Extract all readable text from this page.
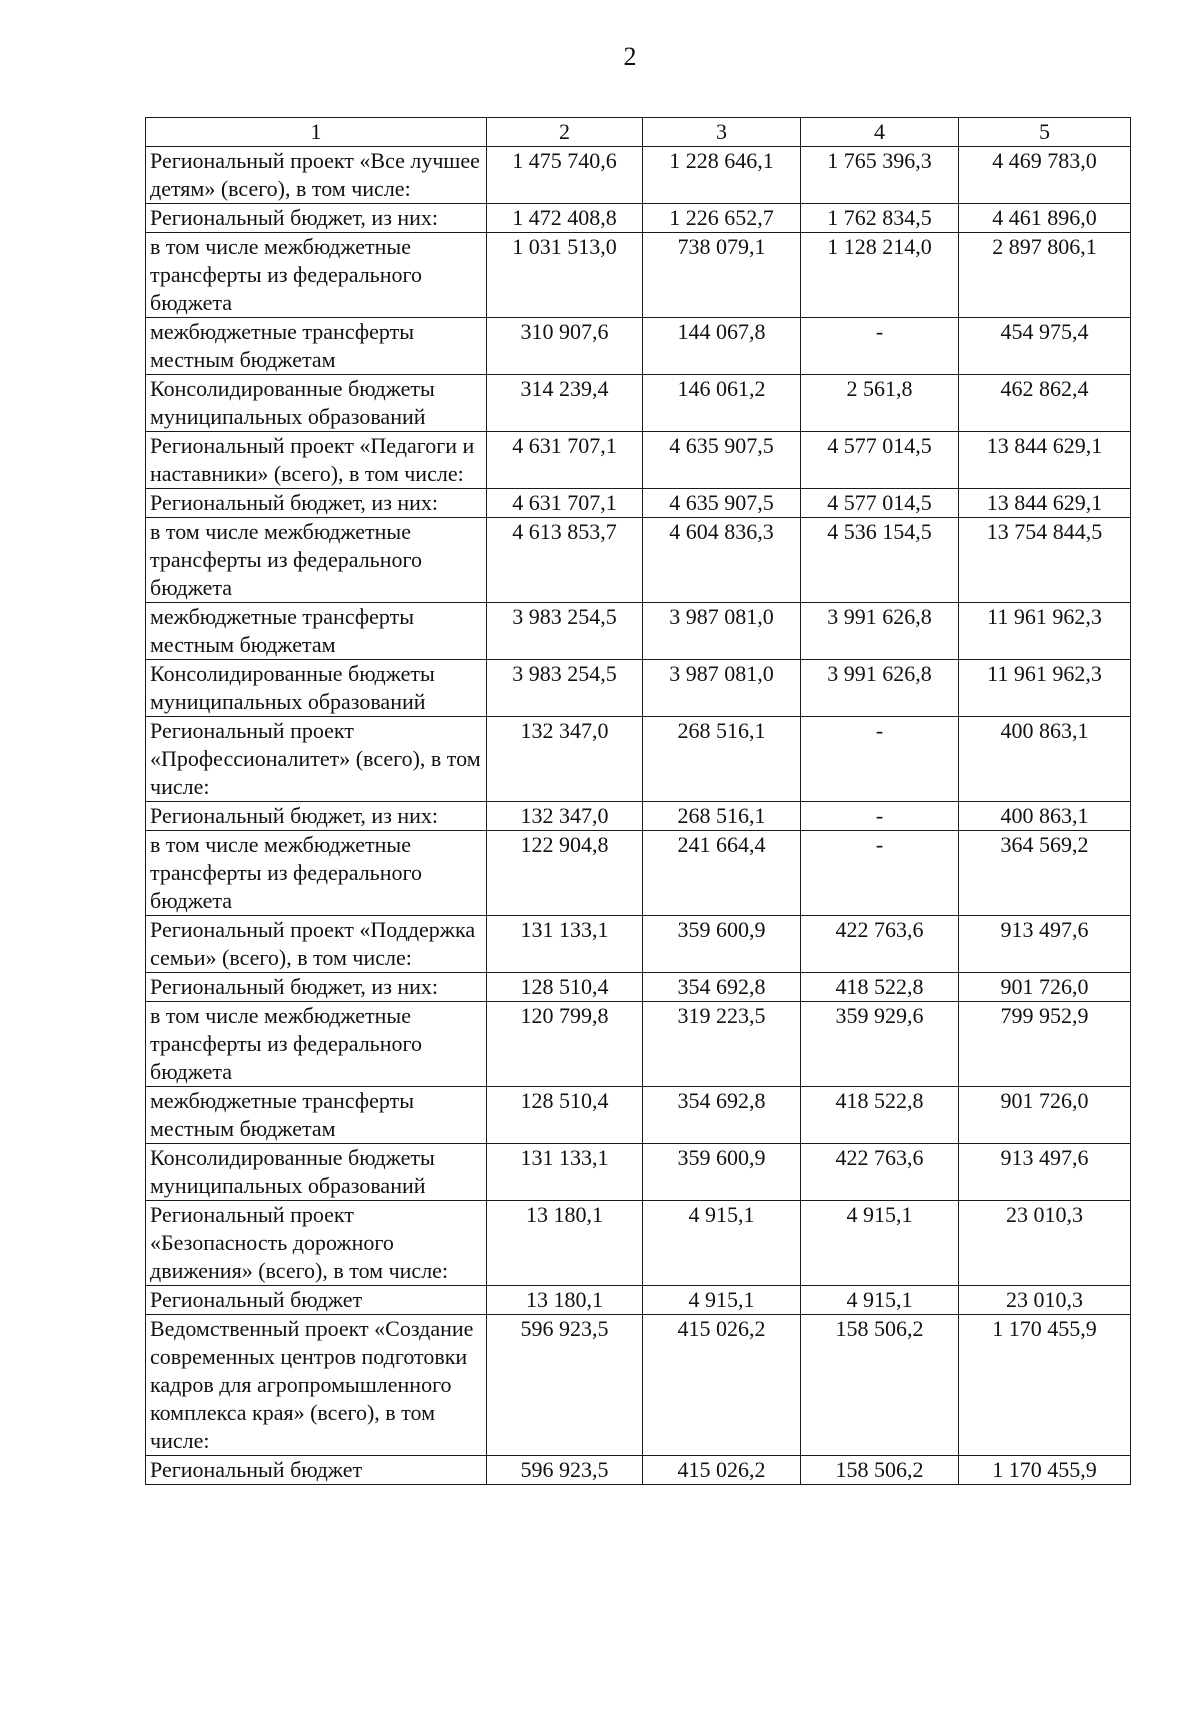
2
1	2	3	4	5
Региональный проект «Все лучшее детям» (всего), в том числе:	1 475 740,6	1 228 646,1	1 765 396,3	4 469 783,0
Региональный бюджет, из них:	1 472 408,8	1 226 652,7	1 762 834,5	4 461 896,0
в том числе межбюджетные трансферты из федерального бюджета	1 031 513,0	738 079,1	1 128 214,0	2 897 806,1
межбюджетные трансферты местным бюджетам	310 907,6	144 067,8	-	454 975,4
Консолидированные бюджеты муниципальных образований	314 239,4	146 061,2	2 561,8	462 862,4
Региональный проект «Педагоги и наставники» (всего), в том числе:	4 631 707,1	4 635 907,5	4 577 014,5	13 844 629,1
Региональный бюджет, из них:	4 631 707,1	4 635 907,5	4 577 014,5	13 844 629,1
в том числе межбюджетные трансферты из федерального бюджета	4 613 853,7	4 604 836,3	4 536 154,5	13 754 844,5
межбюджетные трансферты местным бюджетам	3 983 254,5	3 987 081,0	3 991 626,8	11 961 962,3
Консолидированные бюджеты муниципальных образований	3 983 254,5	3 987 081,0	3 991 626,8	11 961 962,3
Региональный проект «Профессионалитет» (всего), в том числе:	132 347,0	268 516,1	-	400 863,1
Региональный бюджет, из них:	132 347,0	268 516,1	-	400 863,1
в том числе межбюджетные трансферты из федерального бюджета	122 904,8	241 664,4	-	364 569,2
Региональный проект «Поддержка семьи» (всего), в том числе:	131 133,1	359 600,9	422 763,6	913 497,6
Региональный бюджет, из них:	128 510,4	354 692,8	418 522,8	901 726,0
в том числе межбюджетные трансферты из федерального бюджета	120 799,8	319 223,5	359 929,6	799 952,9
межбюджетные трансферты местным бюджетам	128 510,4	354 692,8	418 522,8	901 726,0
Консолидированные бюджеты муниципальных образований	131 133,1	359 600,9	422 763,6	913 497,6
Региональный проект «Безопасность дорожного движения» (всего), в том числе:	13 180,1	4 915,1	4 915,1	23 010,3
Региональный бюджет	13 180,1	4 915,1	4 915,1	23 010,3
Ведомственный проект «Создание современных центров подготовки кадров для агропромышленного комплекса края» (всего), в том числе:	596 923,5	415 026,2	158 506,2	1 170 455,9
Региональный бюджет	596 923,5	415 026,2	158 506,2	1 170 455,9
